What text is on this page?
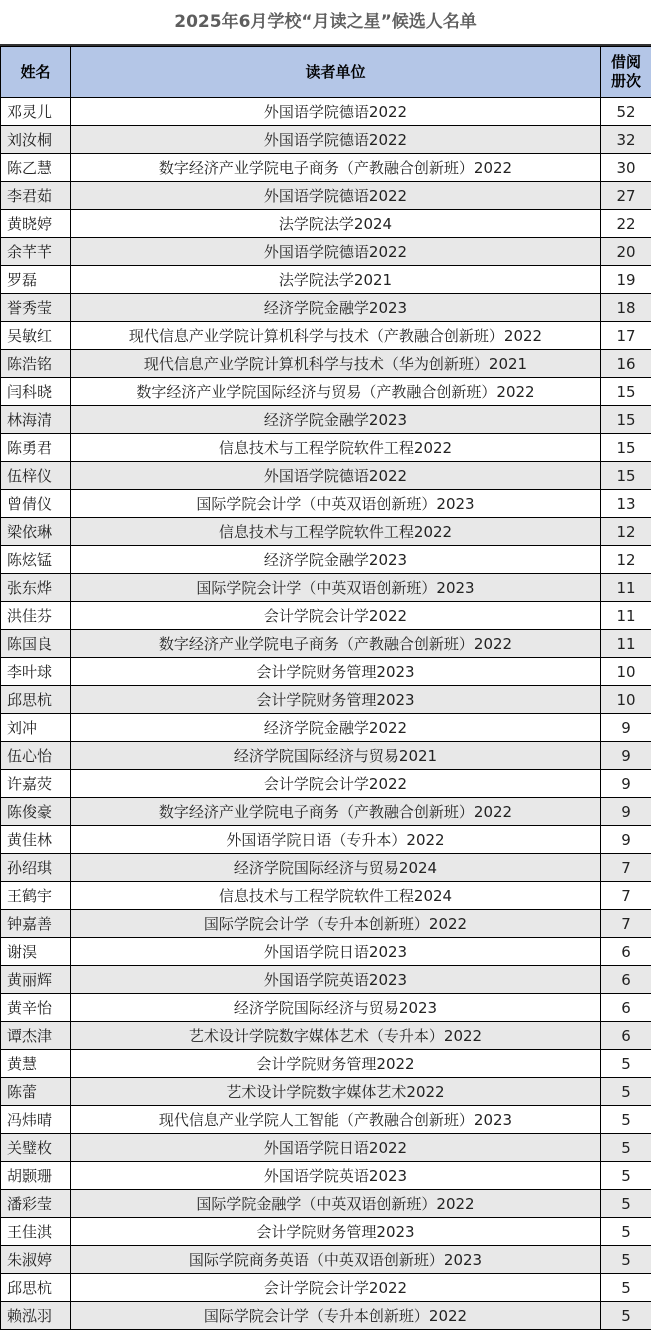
2025年6月学校“月读之星”候选人名单
姓名	读者单位	借阅
册次

邓灵儿	外国语学院德语2022	52
刘汝桐	外国语学院德语2022	32
陈乙慧	数字经济产业学院电子商务（产教融合创新班）2022	30
李君茹	外国语学院德语2022	27
黄晓婷	法学院法学2024	22
余芊芊	外国语学院德语2022	20
罗磊	法学院法学2021	19
誉秀莹	经济学院金融学2023	18
吴敏红	现代信息产业学院计算机科学与技术（产教融合创新班）2022	17
陈浩铭	现代信息产业学院计算机科学与技术（华为创新班）2021	16
闫科晓	数字经济产业学院国际经济与贸易（产教融合创新班）2022	15
林海清	经济学院金融学2023	15
陈勇君	信息技术与工程学院软件工程2022	15
伍梓仪	外国语学院德语2022	15
曾倩仪	国际学院会计学（中英双语创新班）2023	13
梁依琳	信息技术与工程学院软件工程2022	12
陈炫锰	经济学院金融学2023	12
张东烨	国际学院会计学（中英双语创新班）2023	11
洪佳芬	会计学院会计学2022	11
陈国良	数字经济产业学院电子商务（产教融合创新班）2022	11
李叶球	会计学院财务管理2023	10
邱思杭	会计学院财务管理2023	10
刘冲	经济学院金融学2022	9
伍心怡	经济学院国际经济与贸易2021	9
许嘉荧	会计学院会计学2022	9
陈俊豪	数字经济产业学院电子商务（产教融合创新班）2022	9
黄佳林	外国语学院日语（专升本）2022	9
孙绍琪	经济学院国际经济与贸易2024	7
王鹤宇	信息技术与工程学院软件工程2024	7
钟嘉善	国际学院会计学（专升本创新班）2022	7
谢淏	外国语学院日语2023	6
黄丽辉	外国语学院英语2023	6
黄辛怡	经济学院国际经济与贸易2023	6
谭杰津	艺术设计学院数字媒体艺术（专升本）2022	6
黄慧	会计学院财务管理2022	5
陈蕾	艺术设计学院数字媒体艺术2022	5
冯炜晴	现代信息产业学院人工智能（产教融合创新班）2023	5
关璧枚	外国语学院日语2022	5
胡颢珊	外国语学院英语2023	5
潘彩莹	国际学院金融学（中英双语创新班）2022	5
王佳淇	会计学院财务管理2023	5
朱淑婷	国际学院商务英语（中英双语创新班）2023	5
邱思杭	会计学院会计学2022	5
赖泓羽	国际学院会计学（专升本创新班）2022	5
